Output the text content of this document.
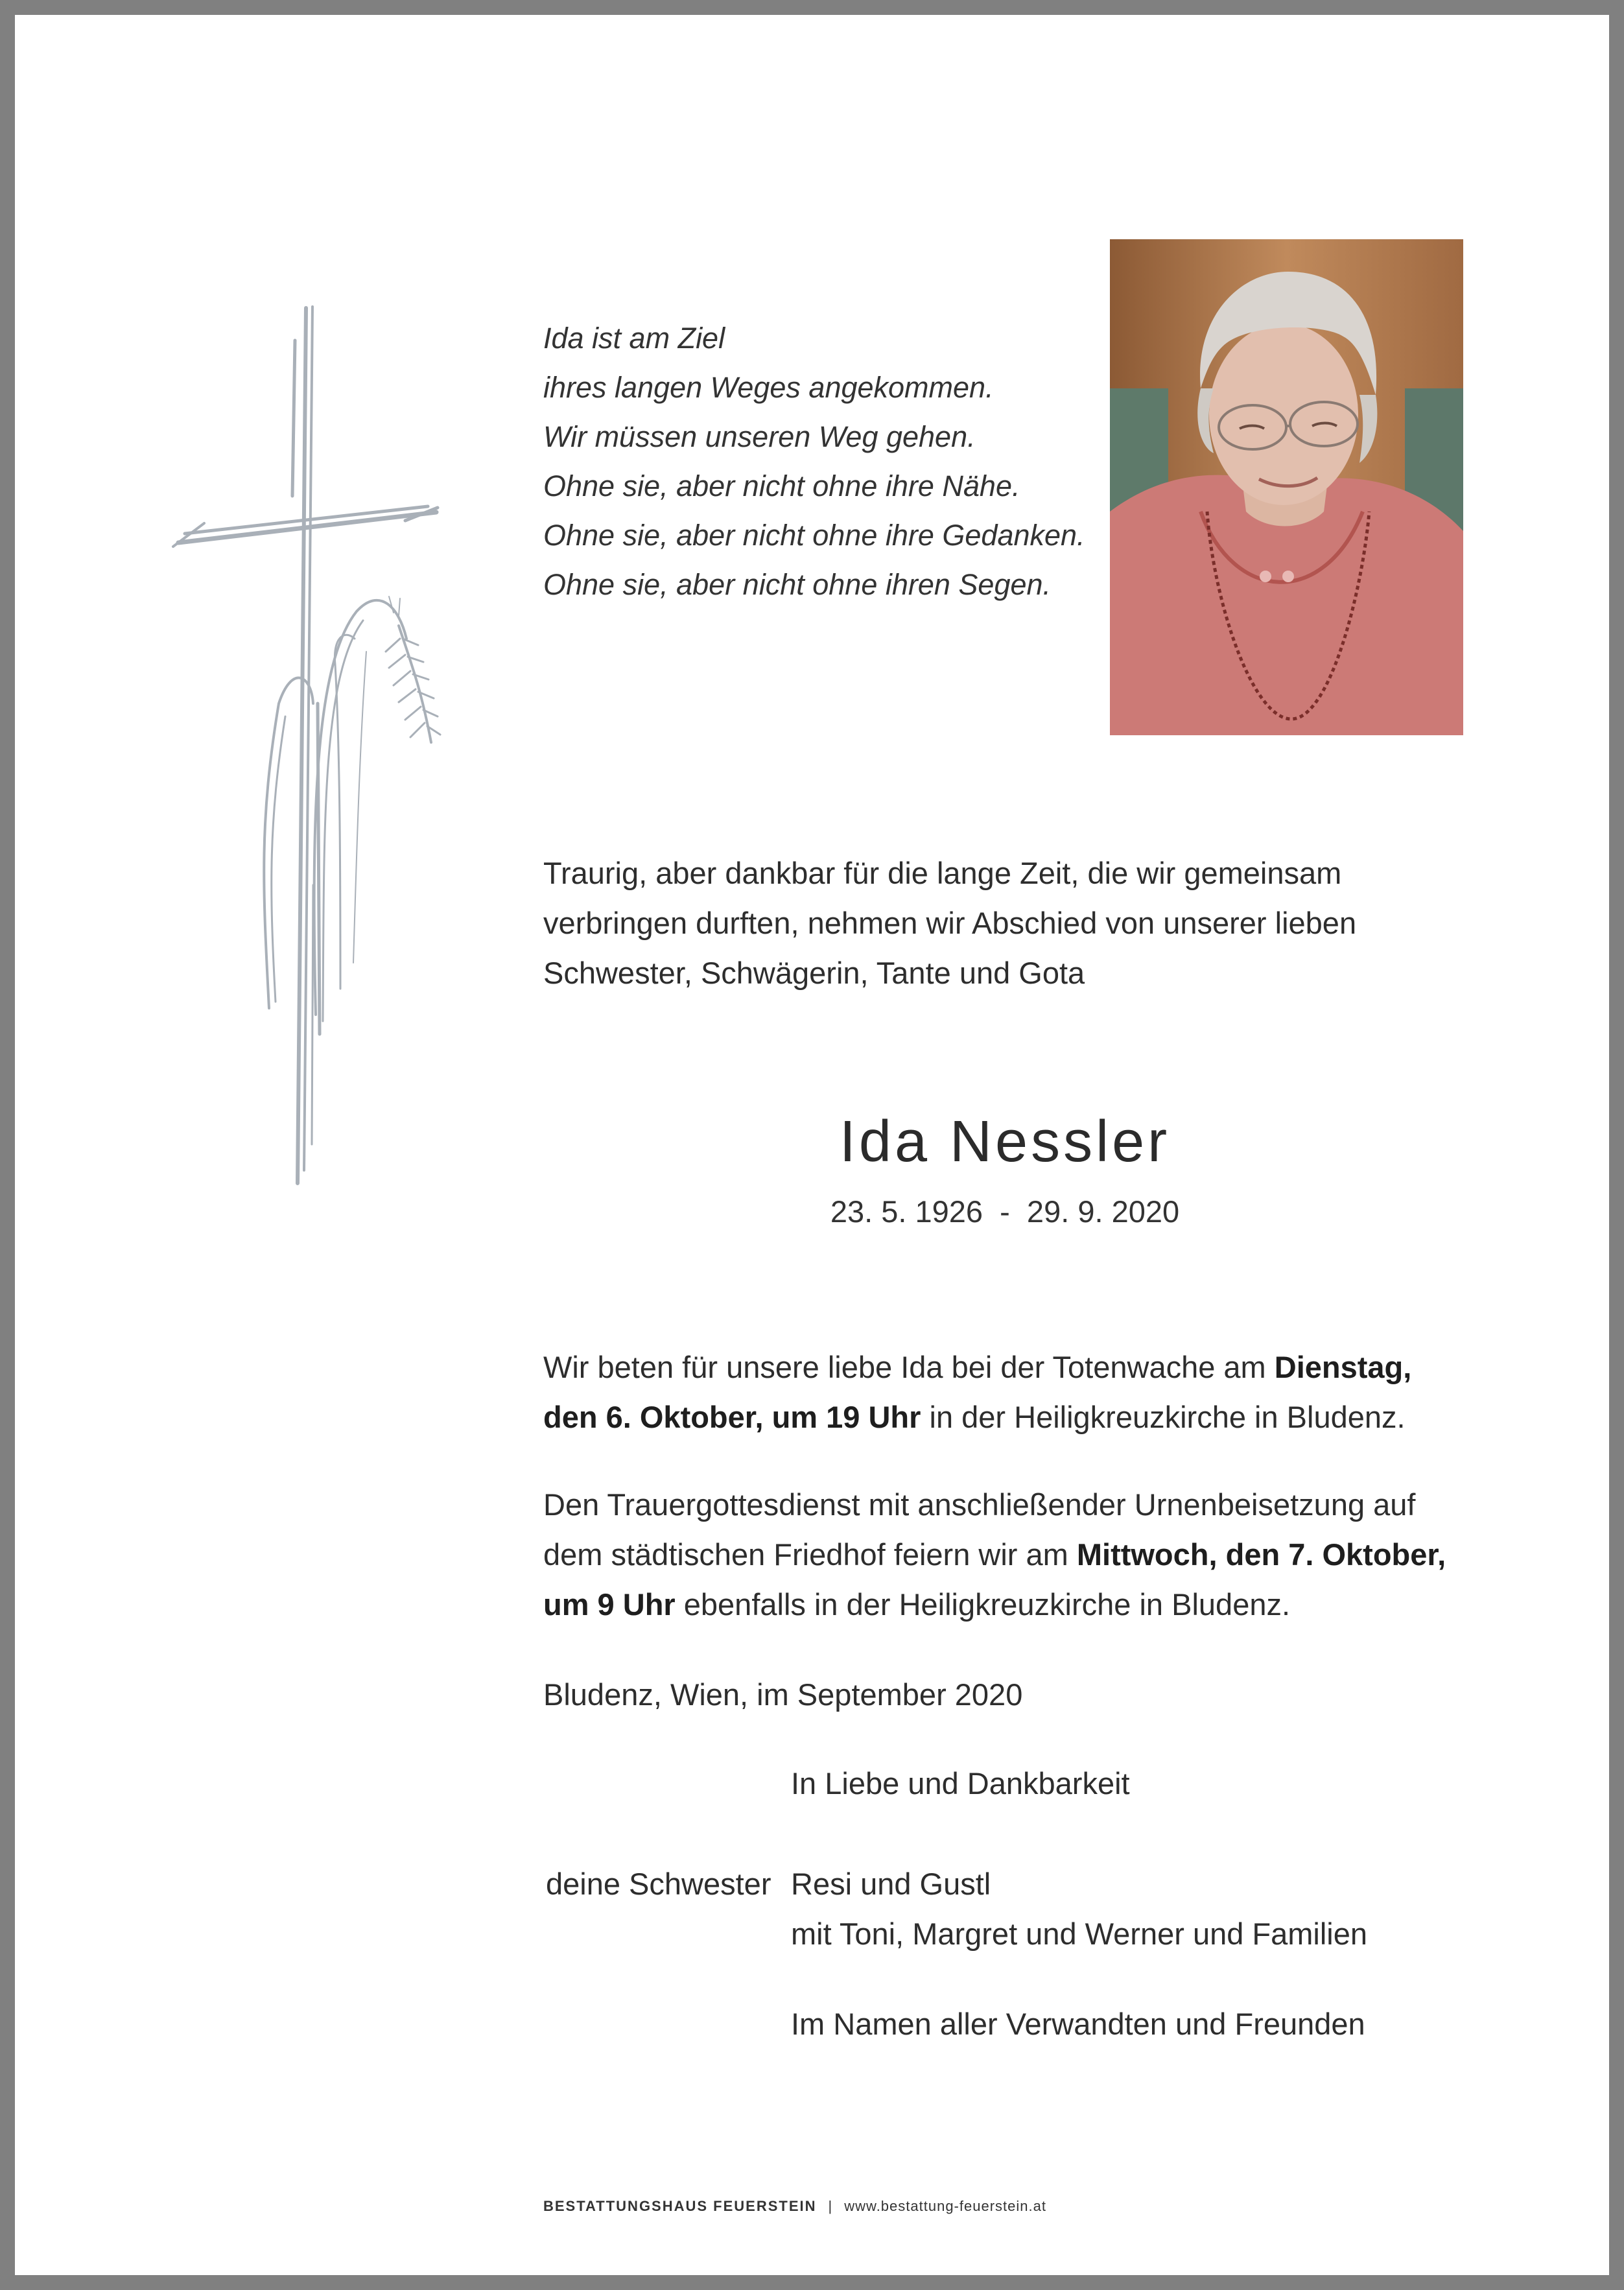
Ida ist am Ziel
ihres langen Weges angekommen.
Wir müssen unseren Weg gehen.
Ohne sie, aber nicht ohne ihre Nähe.
Ohne sie, aber nicht ohne ihre Gedanken.
Ohne sie, aber nicht ohne ihren Segen.
Traurig, aber dankbar für die lange Zeit, die wir gemeinsam
verbringen durften, nehmen wir Abschied von unserer lieben
Schwester, Schwägerin, Tante und Gota
Ida Nessler
23. 5. 1926  -  29. 9. 2020
Wir beten für unsere liebe Ida bei der Totenwache am Dienstag,
den 6. Oktober, um 19 Uhr in der Heiligkreuzkirche in Bludenz.
Den Trauergottesdienst mit anschließender Urnenbeisetzung auf
dem städtischen Friedhof feiern wir am Mittwoch, den 7. Oktober,
um 9 Uhr ebenfalls in der Heiligkreuzkirche in Bludenz.
Bludenz, Wien, im September 2020
In Liebe und Dankbarkeit
deine Schwester Resi und Gustl
mit Toni, Margret und Werner und Familien
Im Namen aller Verwandten und Freunden
BESTATTUNGSHAUS FEUERSTEIN | www.bestattung-feuerstein.at
